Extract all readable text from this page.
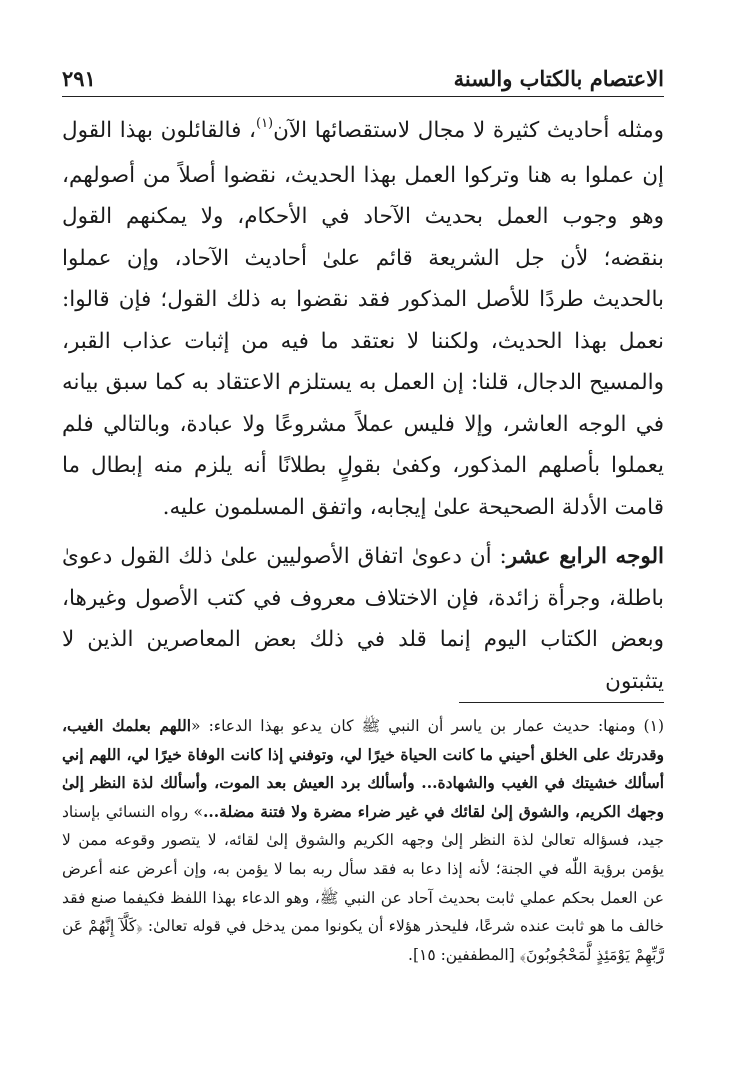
الاعتصام بالكتاب والسنة
٢٩١

ومثله أحاديث كثيرة لا مجال لاستقصائها الآن$^{(١)}$، فالقائلون بهذا القول إن عملوا به هنا وتركوا العمل بهذا الحديث، نقضوا أصلاً من أصولهم، وهو وجوب العمل بحديث الآحاد في الأحكام، ولا يمكنهم القول بنقضه؛ لأن جل الشريعة قائم علىٰ أحاديث الآحاد، وإن عملوا بالحديث طردًا للأصل المذكور فقد نقضوا به ذلك القول؛ فإن قالوا: نعمل بهذا الحديث، ولكننا لا نعتقد ما فيه من إثبات عذاب القبر، والمسيح الدجال، قلنا: إن العمل به يستلزم الاعتقاد به كما سبق بيانه في الوجه العاشر، وإلا فليس عملاً مشروعًا ولا عبادة، وبالتالي فلم يعملوا بأصلهم المذكور، وكفىٰ بقولٍ بطلانًا أنه يلزم منه إبطال ما قامت الأدلة الصحيحة علىٰ إيجابه، واتفق المسلمون عليه.

الوجه الرابع عشر: أن دعوىٰ اتفاق الأصوليين علىٰ ذلك القول دعوىٰ باطلة، وجرأة زائدة، فإن الاختلاف معروف في كتب الأصول وغيرها، وبعض الكتاب اليوم إنما قلد في ذلك بعض المعاصرين الذين لا يتثبتون

(١) ومنها: حديث عمار بن ياسر أن النبي ﷺ كان يدعو بهذا الدعاء: «اللهم بعلمك الغيب، وقدرتك على الخلق أحيني ما كانت الحياة خيرًا لي، وتوفني إذا كانت الوفاة خيرًا لي، اللهم إني أسألك خشيتك في الغيب والشهادة... وأسألك برد العيش بعد الموت، وأسألك لذة النظر إلىٰ وجهك الكريم، والشوق إلىٰ لقائك في غير ضراء مضرة ولا فتنة مضلة...» رواه النسائي بإسناد جيد، فسؤاله تعالىٰ لذة النظر إلىٰ وجهه الكريم والشوق إلىٰ لقائه، لا يتصور وقوعه ممن لا يؤمن برؤية اللّٰه في الجنة؛ لأنه إذا دعا به فقد سأل ربه بما لا يؤمن به، وإن أعرض عنه أعرض عن العمل بحكم عملي ثابت بحديث آحاد عن النبي ﷺ، وهو الدعاء بهذا اللفظ فكيفما صنع فقد خالف ما هو ثابت عنده شرعًا، فليحذر هؤلاء أن يكونوا ممن يدخل في قوله تعالىٰ: ﴿كَلَّآ إِنَّهُمْ عَن رَّبِّهِمْ يَوْمَئِذٍ لَّمَحْجُوبُونَ﴾ [المطففين: ١٥].
